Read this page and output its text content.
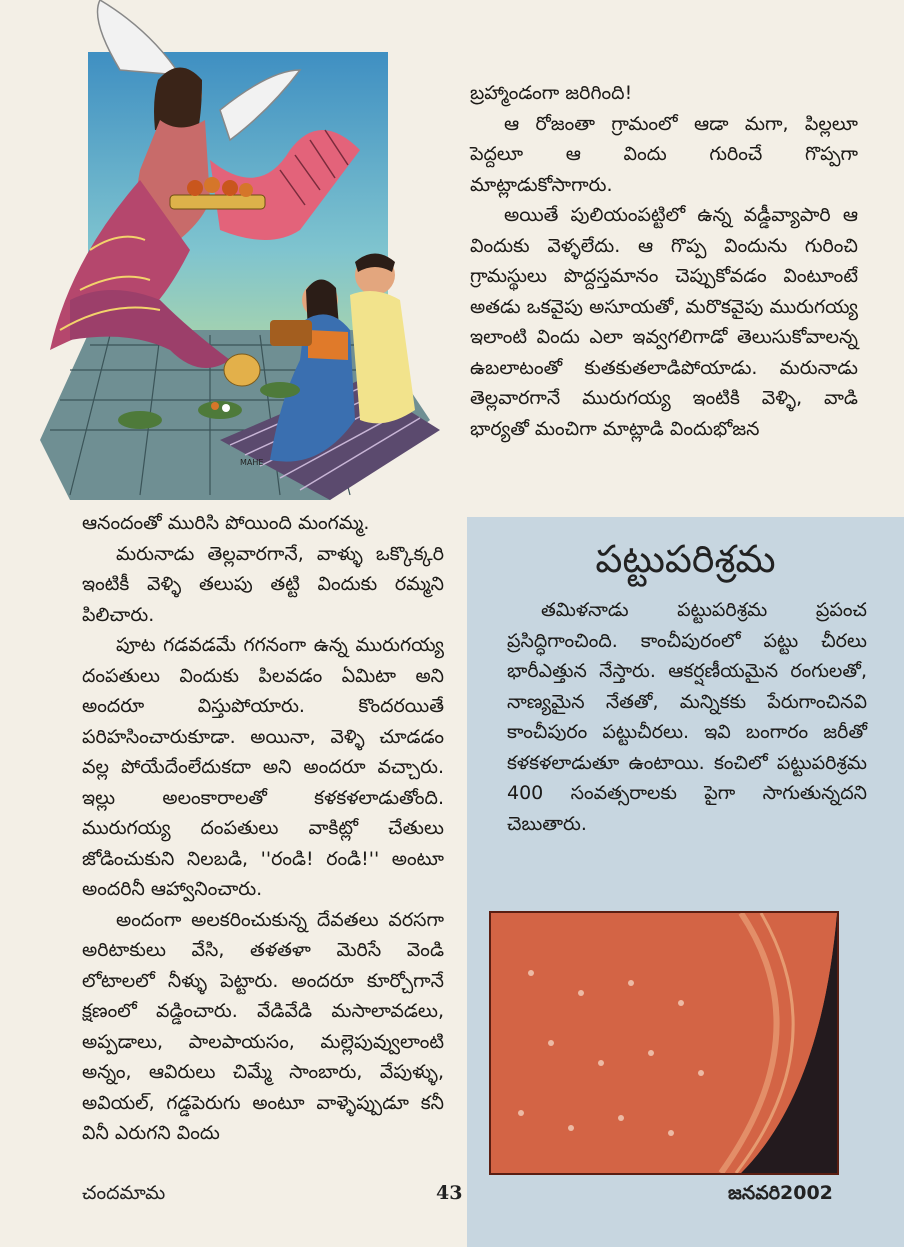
MAHE

బ్రహ్మాండంగా జరిగింది!

ఆ రోజంతా గ్రామంలో ఆడా మగా, పిల్లలూ పెద్దలూ ఆ విందు గురించే గొప్పగా మాట్లాడుకోసాగారు.

అయితే పులియంపట్టిలో ఉన్న వడ్డీవ్యాపారి ఆ విందుకు వెళ్ళలేదు. ఆ గొప్ప విందును గురించి గ్రామస్థులు పొద్దస్తమానం చెప్పుకోవడం వింటూంటే అతడు ఒకవైపు అసూయతో, మరొకవైపు మురుగయ్య ఇలాంటి విందు ఎలా ఇవ్వగలిగాడో తెలుసుకోవాలన్న ఉబలాటంతో కుతకుతలాడిపోయాడు. మరునాడు తెల్లవారగానే మురుగయ్య ఇంటికి వెళ్ళి, వాడి భార్యతో మంచిగా మాట్లాడి విందుభోజన

ఆనందంతో మురిసి పోయింది మంగమ్మ.

మరునాడు తెల్లవారగానే, వాళ్ళు ఒక్కొక్కరి ఇంటికీ వెళ్ళి తలుపు తట్టి విందుకు రమ్మని పిలిచారు.

పూట గడవడమే గగనంగా ఉన్న మురుగయ్య దంపతులు విందుకు పిలవడం ఏమిటా అని అందరూ విస్తుపోయారు. కొందరయితే పరిహసించారుకూడా. అయినా, వెళ్ళి చూడడం వల్ల పోయేదేంలేదుకదా అని అందరూ వచ్చారు. ఇల్లు అలంకారాలతో కళకళలాడుతోంది. మురుగయ్య దంపతులు వాకిట్లో చేతులు జోడించుకుని నిలబడి, ''రండి! రండి!'' అంటూ అందరినీ ఆహ్వానించారు.

అందంగా అలకరించుకున్న దేవతలు వరసగా అరిటాకులు వేసి, తళతళా మెరిసే వెండి లోటాలలో నీళ్ళు పెట్టారు. అందరూ కూర్చోగానే క్షణంలో వడ్డించారు. వేడివేడి మసాలావడలు, అప్పడాలు, పాలపాయసం, మల్లెపువ్వులాంటి అన్నం, ఆవిరులు చిమ్మే సాంబారు, వేపుళ్ళు, అవియల్, గడ్డపెరుగు అంటూ వాళ్ళెప్పుడూ కనీ వినీ ఎరుగని విందు

పట్టుపరిశ్రమ

తమిళనాడు పట్టుపరిశ్రమ ప్రపంచ ప్రసిద్ధిగాంచింది. కాంచీపురంలో పట్టు చీరలు భారీఎత్తున నేస్తారు. ఆకర్షణీయమైన రంగులతో, నాణ్యమైన నేతతో, మన్నికకు పేరుగాంచినవి కాంచీపురం పట్టుచీరలు. ఇవి బంగారం జరీతో కళకళలాడుతూ ఉంటాయి. కంచిలో పట్టుపరిశ్రమ 400 సంవత్సరాలకు పైగా సాగుతున్నదని చెబుతారు.

చందమామ	43	జనవరి2002
